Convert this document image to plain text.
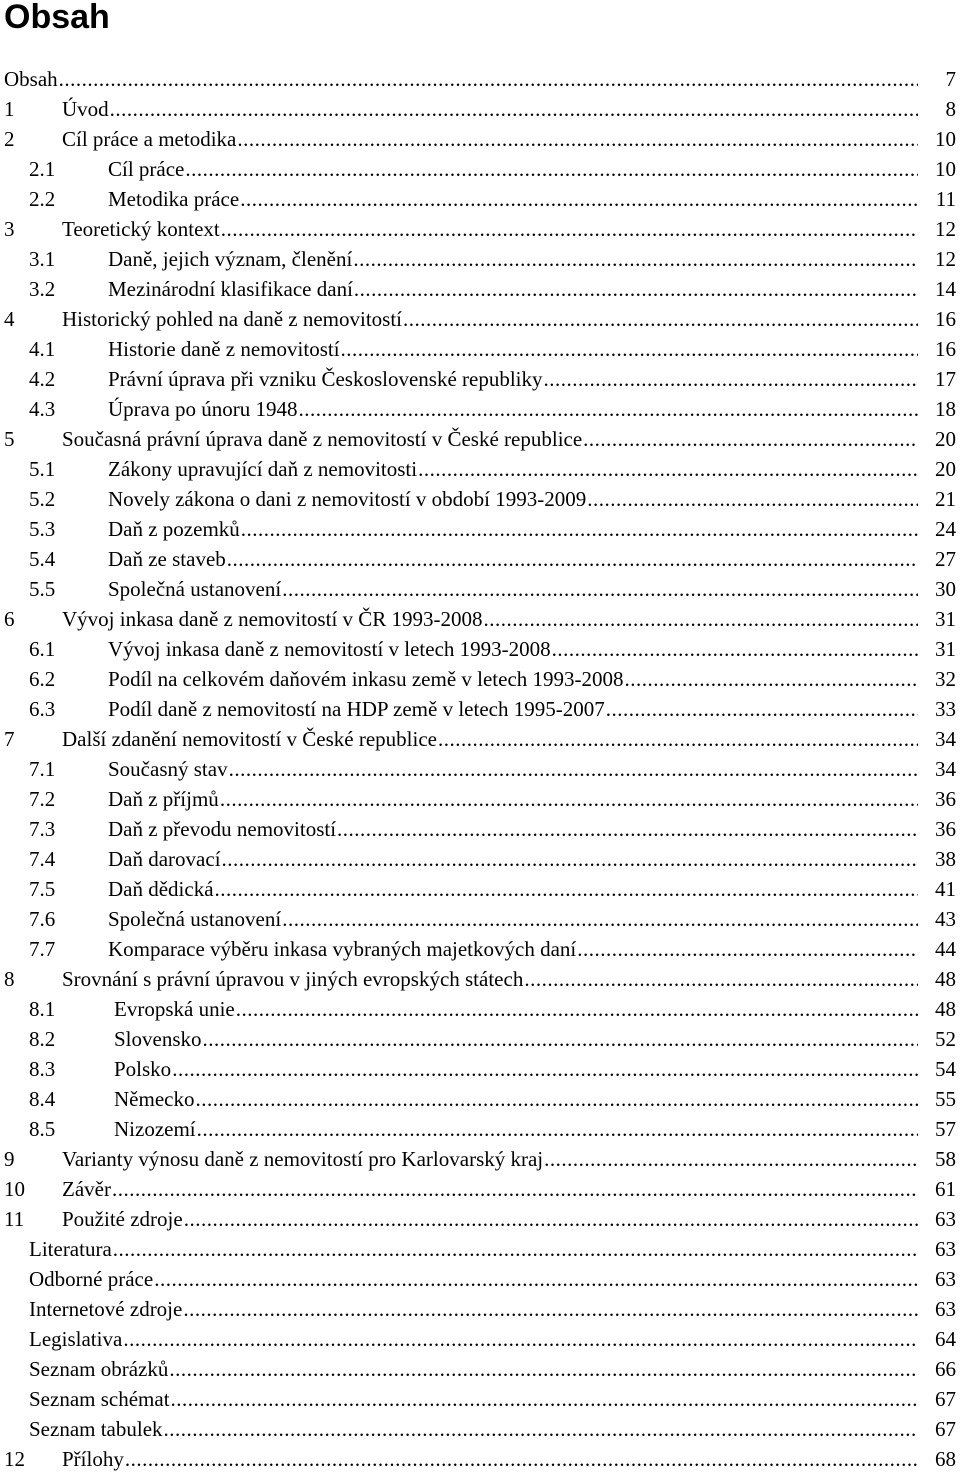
Obsah
Obsah .....	7
1 Úvod .....	8
2 Cíl práce a metodika .....	10
2.1	Cíl práce .....	10
2.2	Metodika práce .....	11
3 Teoretický kontext .....	12
3.1	Daně, jejich význam, členění .....	12
3.2	Mezinárodní klasifikace daní .....	14
4 Historický pohled na daně z nemovitostí .....	16
4.1	Historie daně z nemovitostí .....	16
4.2	Právní úprava při vzniku Československé republiky .....	17
4.3	Úprava po únoru 1948 .....	18
5 Současná právní úprava daně z nemovitostí v České republice .....	20
5.1	Zákony upravující daň z nemovitosti .....	20
5.2	Novely zákona o dani z nemovitostí v období 1993-2009 .....	21
5.3	Daň z pozemků .....	24
5.4	Daň ze staveb .....	27
5.5	Společná ustanovení .....	30
6 Vývoj inkasa daně z nemovitostí v ČR 1993-2008 .....	31
6.1	Vývoj inkasa daně z nemovitostí v letech 1993-2008 .....	31
6.2	Podíl na celkovém daňovém inkasu země v letech 1993-2008 .....	32
6.3	Podíl daně z nemovitostí na HDP země v letech 1995-2007 .....	33
7 Další zdanění nemovitostí v České republice .....	34
7.1	Současný stav .....	34
7.2	Daň z příjmů .....	36
7.3	Daň z převodu nemovitostí .....	36
7.4	Daň darovací .....	38
7.5	Daň dědická .....	41
7.6	Společná ustanovení .....	43
7.7	Komparace výběru inkasa vybraných majetkových daní .....	44
8 Srovnání s právní úpravou v jiných evropských státech .....	48
8.1	Evropská unie .....	48
8.2	Slovensko .....	52
8.3	Polsko .....	54
8.4	Německo .....	55
8.5	Nizozemí .....	57
9 Varianty výnosu daně z nemovitostí pro Karlovarský kraj .....	58
10 Závěr .....	61
11 Použité zdroje .....	63
Literatura .....	63
Odborné práce .....	63
Internetové zdroje .....	63
Legislativa .....	64
Seznam obrázků .....	66
Seznam schémat .....	67
Seznam tabulek .....	67
12 Přílohy .....	68
